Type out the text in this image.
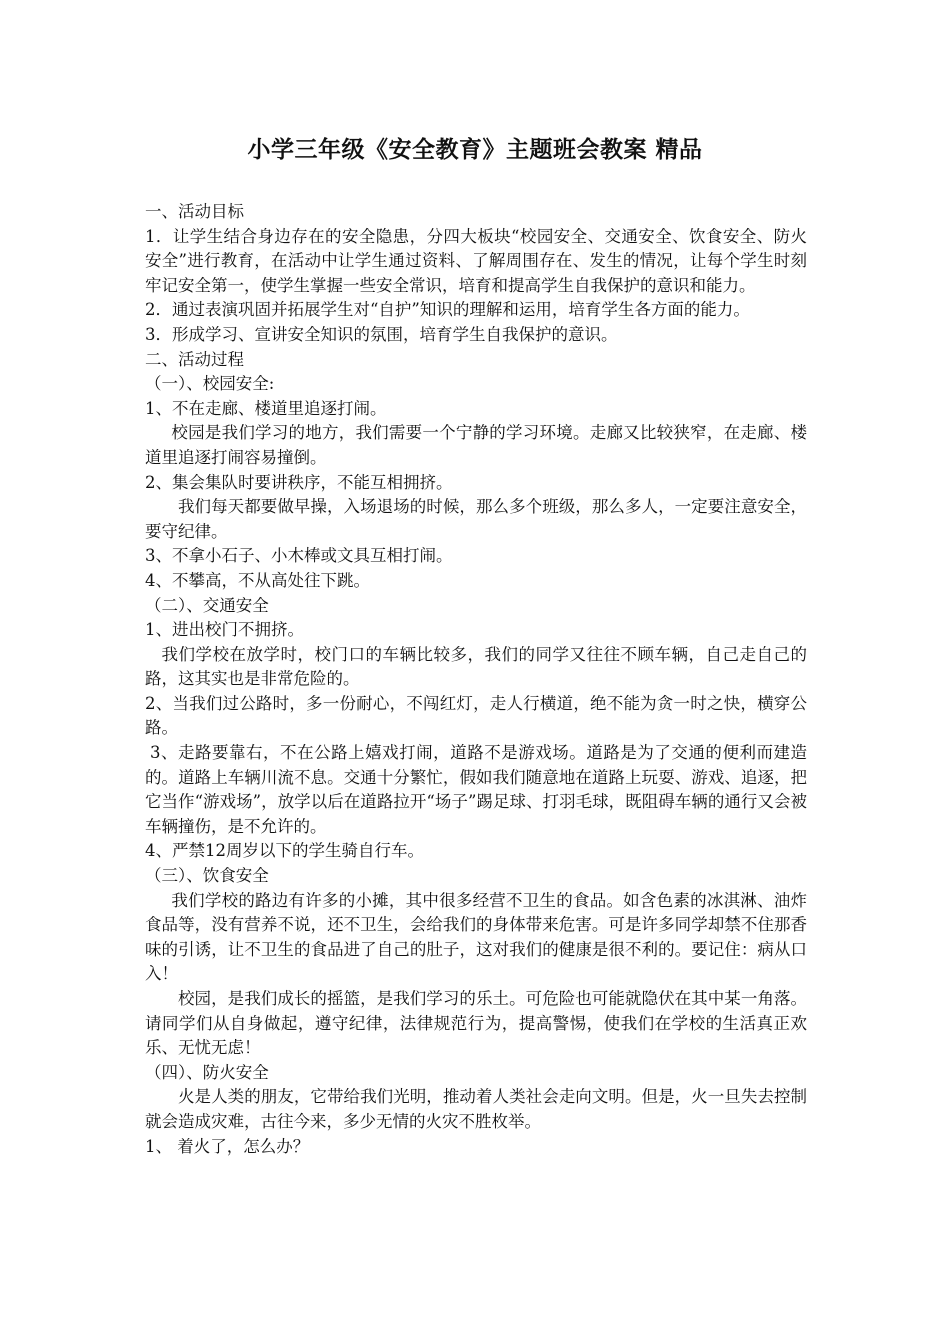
小学三年级《安全教育》主题班会教案 精品

一、活动目标

1．让学生结合身边存在的安全隐患，分四大板块“校园安全、交通安全、饮食安全、防火安全”进行教育，在活动中让学生通过资料、了解周围存在、发生的情况，让每个学生时刻牢记安全第一，使学生掌握一些安全常识，培育和提高学生自我保护的意识和能力。

2．通过表演巩固并拓展学生对“自护”知识的理解和运用，培育学生各方面的能力。

3．形成学习、宣讲安全知识的氛围，培育学生自我保护的意识。

二、活动过程

（一）、校园安全:

1、不在走廊、楼道里追逐打闹。

校园是我们学习的地方，我们需要一个宁静的学习环境。走廊又比较狭窄，在走廊、楼道里追逐打闹容易撞倒。

2、集会集队时要讲秩序，不能互相拥挤。

我们每天都要做早操，入场退场的时候，那么多个班级，那么多人，一定要注意安全，要守纪律。

3、不拿小石子、小木棒或文具互相打闹。

4、不攀高，不从高处往下跳。

（二）、交通安全

1、进出校门不拥挤。

我们学校在放学时，校门口的车辆比较多，我们的同学又往往不顾车辆，自己走自己的路，这其实也是非常危险的。

2、当我们过公路时，多一份耐心，不闯红灯，走人行横道，绝不能为贪一时之快，横穿公路。

3、走路要靠右，不在公路上嬉戏打闹，道路不是游戏场。道路是为了交通的便利而建造的。道路上车辆川流不息。交通十分繁忙，假如我们随意地在道路上玩耍、游戏、追逐，把它当作“游戏场”，放学以后在道路拉开“场子”踢足球、打羽毛球，既阻碍车辆的通行又会被车辆撞伤，是不允许的。

4、严禁12周岁以下的学生骑自行车。

（三）、饮食安全

我们学校的路边有许多的小摊，其中很多经营不卫生的食品。如含色素的冰淇淋、油炸食品等，没有营养不说，还不卫生，会给我们的身体带来危害。可是许多同学却禁不住那香味的引诱，让不卫生的食品进了自己的肚子，这对我们的健康是很不利的。要记住：病从口入！

校园，是我们成长的摇篮，是我们学习的乐土。可危险也可能就隐伏在其中某一角落。请同学们从自身做起，遵守纪律，法律规范行为，提高警惕，使我们在学校的生活真正欢乐、无忧无虑！

（四）、防火安全

火是人类的朋友，它带给我们光明，推动着人类社会走向文明。但是，火一旦失去控制就会造成灾难，古往今来，多少无情的火灾不胜枚举。

1、 着火了，怎么办？
